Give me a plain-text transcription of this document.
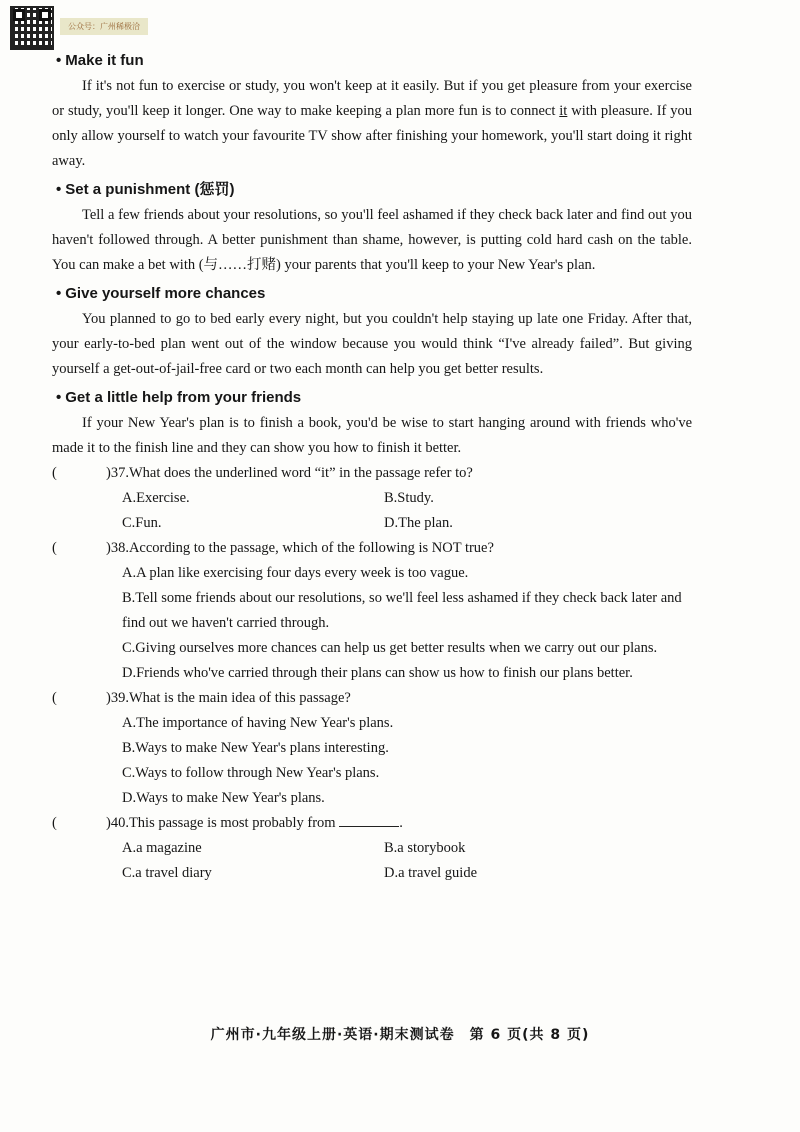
公众号：广州稀极洽
• Make it fun

If it's not fun to exercise or study, you won't keep at it easily. But if you get pleasure from your exercise or study, you'll keep it longer. One way to make keeping a plan more fun is to connect it with pleasure. If you only allow yourself to watch your favourite TV show after finishing your homework, you'll start doing it right away.

• Set a punishment (惩罚)

Tell a few friends about your resolutions, so you'll feel ashamed if they check back later and find out you haven't followed through. A better punishment than shame, however, is putting cold hard cash on the table. You can make a bet with (与……打赌) your parents that you'll keep to your New Year's plan.

• Give yourself more chances

You planned to go to bed early every night, but you couldn't help staying up late one Friday. After that, your early-to-bed plan went out of the window because you would think “I've already failed”. But giving yourself a get-out-of-jail-free card or two each month can help you get better results.

• Get a little help from your friends

If your New Year's plan is to finish a book, you'd be wise to start hanging around with friends who've made it to the finish line and they can show you how to finish it better.

(	)37.What does the underlined word “it” in the passage refer to?
A.Exercise.	B.Study.
C.Fun.	D.The plan.
(	)38.According to the passage, which of the following is NOT true?
A.A plan like exercising four days every week is too vague.
B.Tell some friends about our resolutions, so we'll feel less ashamed if they check back later and find out we haven't carried through.
C.Giving ourselves more chances can help us get better results when we carry out our plans.
D.Friends who've carried through their plans can show us how to finish our plans better.
(	)39.What is the main idea of this passage?
A.The importance of having New Year's plans.
B.Ways to make New Year's plans interesting.
C.Ways to follow through New Year's plans.
D.Ways to make New Year's plans.
(	)40.This passage is most probably from	.
A.a magazine	B.a storybook
C.a travel diary	D.a travel guide
广州市·九年级上册·英语·期末测试卷　第 6 页(共 8 页)
